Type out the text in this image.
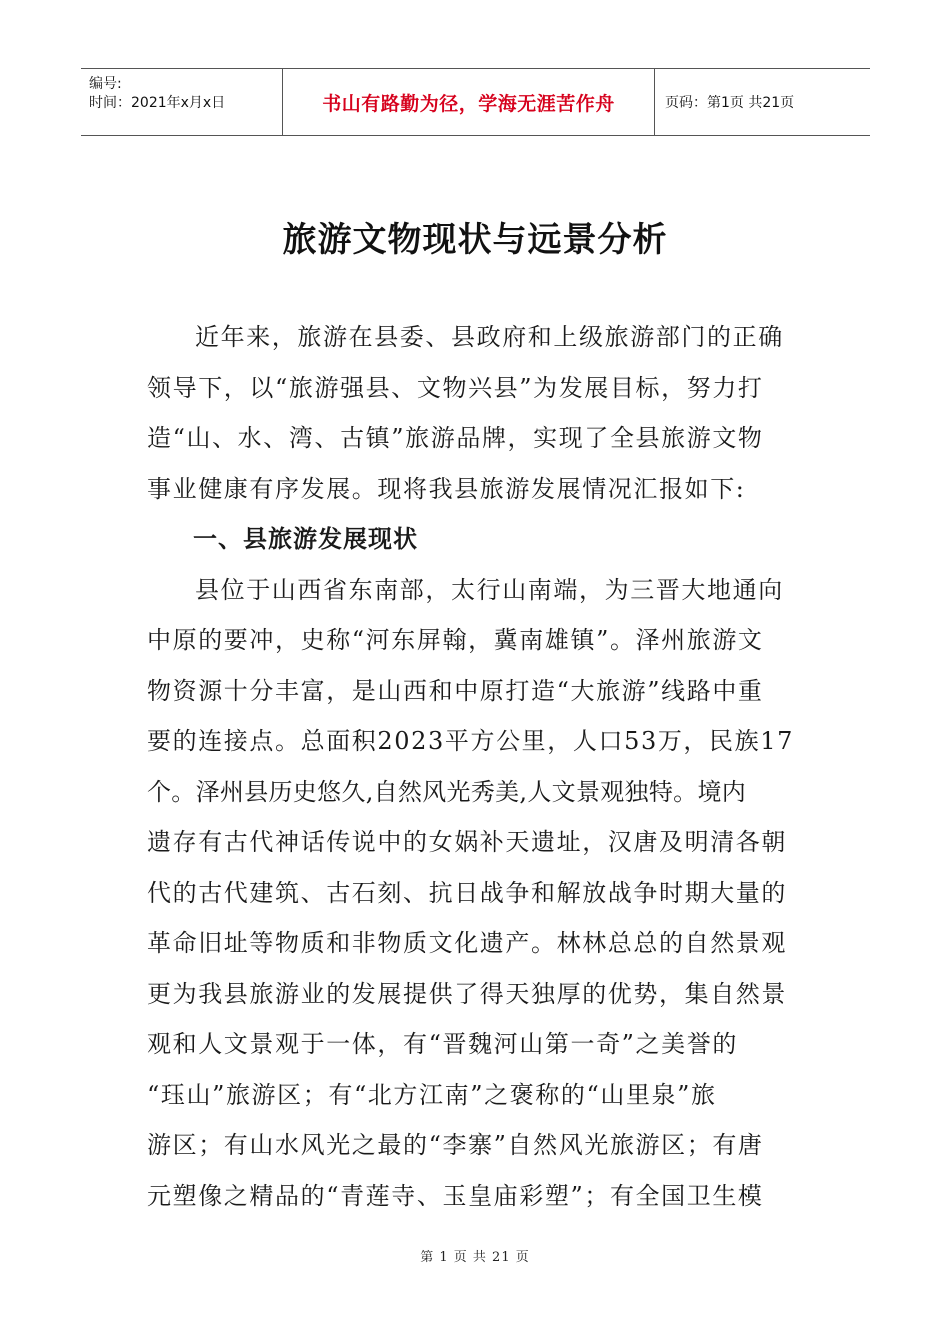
编号:
时间：2021年x月x日	书山有路勤为径，学海无涯苦作舟	页码：第1页 共21页
旅游文物现状与远景分析
近年来，旅游在县委、县政府和上级旅游部门的正确
领导下，以“旅游强县、文物兴县”为发展目标，努力打
造“山、水、湾、古镇”旅游品牌，实现了全县旅游文物
事业健康有序发展。现将我县旅游发展情况汇报如下:
一、县旅游发展现状
县位于山西省东南部，太行山南端，为三晋大地通向
中原的要冲，史称“河东屏翰，冀南雄镇”。泽州旅游文
物资源十分丰富，是山西和中原打造“大旅游”线路中重
要的连接点。总面积2023平方公里，人口53万，民族17
个。泽州县历史悠久,自然风光秀美,人文景观独特。境内
遗存有古代神话传说中的女娲补天遗址，汉唐及明清各朝
代的古代建筑、古石刻、抗日战争和解放战争时期大量的
革命旧址等物质和非物质文化遗产。林林总总的自然景观
更为我县旅游业的发展提供了得天独厚的优势，集自然景
观和人文景观于一体，有“晋魏河山第一奇”之美誉的
“珏山”旅游区；有“北方江南”之褒称的“山里泉”旅
游区；有山水风光之最的“李寨”自然风光旅游区；有唐
元塑像之精品的“青莲寺、玉皇庙彩塑”；有全国卫生模
第 1 页 共 21 页
